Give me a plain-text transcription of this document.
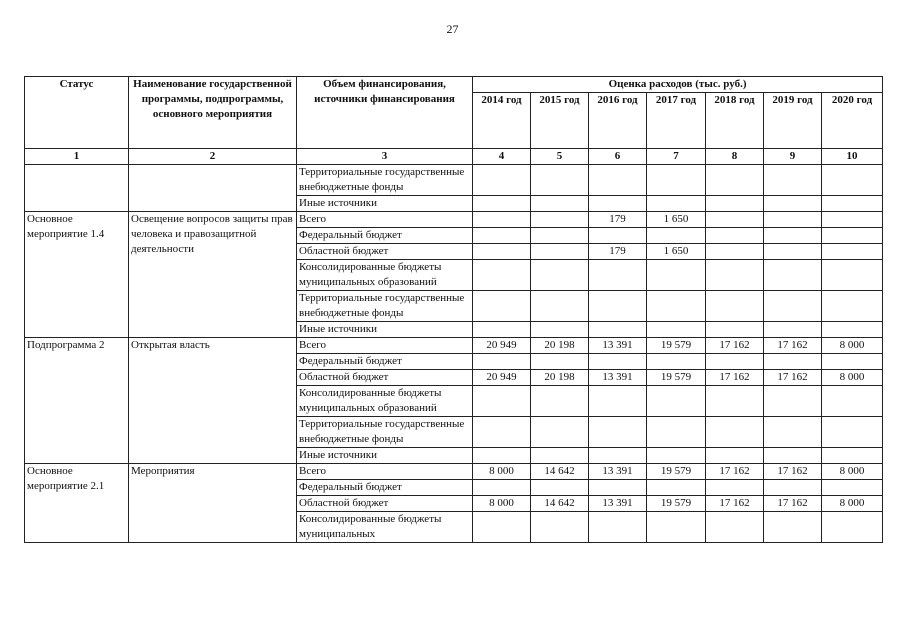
27
Статус	Наименование государственной программы, подпрограммы, основного мероприятия	Объем финансирования, источники финансирования	Оценка расходов (тыс. руб.)						
			2014 год	2015 год	2016 год	2017 год	2018 год	2019 год	2020 год
1	2	3	4	5	6	7	8	9	10
		Территориальные государственные внебюджетные фонды							
		Иные источники							
Основное мероприятие 1.4	Освещение вопросов защиты прав человека и правозащитной деятельности	Всего			179	1 650			
		Федеральный бюджет							
		Областной бюджет			179	1 650			
		Консолидированные бюджеты муниципальных образований							
		Территориальные государственные внебюджетные фонды							
		Иные источники							
Подпрограмма 2	Открытая власть	Всего	20 949	20 198	13 391	19 579	17 162	17 162	8 000
		Федеральный бюджет							
		Областной бюджет	20 949	20 198	13 391	19 579	17 162	17 162	8 000
		Консолидированные бюджеты муниципальных образований							
		Территориальные государственные внебюджетные фонды							
		Иные источники							
Основное мероприятие 2.1	Мероприятия	Всего	8 000	14 642	13 391	19 579	17 162	17 162	8 000
		Федеральный бюджет							
		Областной бюджет	8 000	14 642	13 391	19 579	17 162	17 162	8 000
		Консолидированные бюджеты муниципальных							
